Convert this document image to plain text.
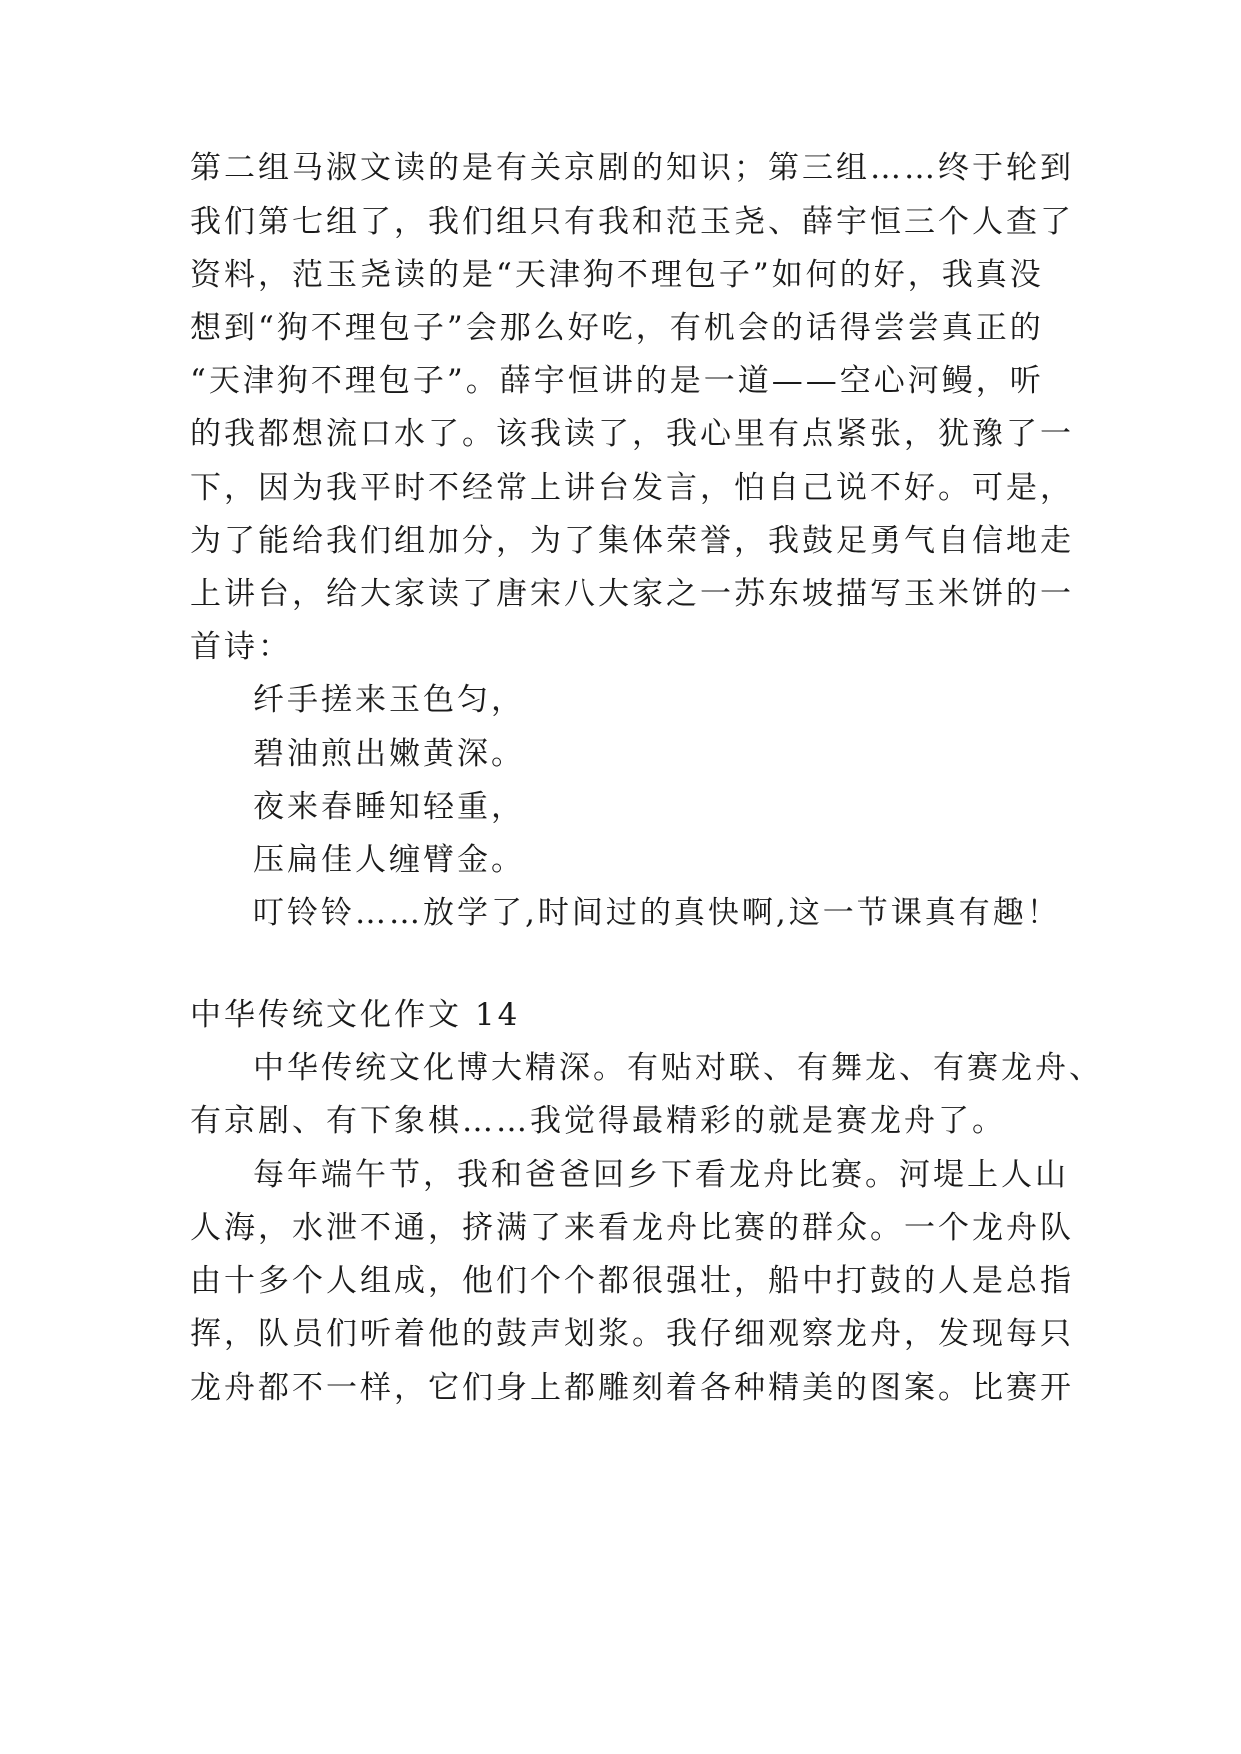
第二组马淑文读的是有关京剧的知识；第三组……终于轮到
我们第七组了，我们组只有我和范玉尧、薛宇恒三个人查了
资料，范玉尧读的是“天津狗不理包子”如何的好，我真没
想到“狗不理包子”会那么好吃，有机会的话得尝尝真正的
“天津狗不理包子”。薛宇恒讲的是一道——空心河鳗，听
的我都想流口水了。该我读了，我心里有点紧张，犹豫了一
下，因为我平时不经常上讲台发言，怕自己说不好。可是，
为了能给我们组加分，为了集体荣誉，我鼓足勇气自信地走
上讲台，给大家读了唐宋八大家之一苏东坡描写玉米饼的一
首诗：
纤手搓来玉色匀，
碧油煎出嫩黄深。
夜来春睡知轻重，
压扁佳人缠臂金。
叮铃铃……放学了,时间过的真快啊,这一节课真有趣！
中华传统文化作文 14
中华传统文化博大精深。有贴对联、有舞龙、有赛龙舟、
有京剧、有下象棋……我觉得最精彩的就是赛龙舟了。
每年端午节，我和爸爸回乡下看龙舟比赛。河堤上人山
人海，水泄不通，挤满了来看龙舟比赛的群众。一个龙舟队
由十多个人组成，他们个个都很强壮，船中打鼓的人是总指
挥，队员们听着他的鼓声划浆。我仔细观察龙舟，发现每只
龙舟都不一样，它们身上都雕刻着各种精美的图案。比赛开
